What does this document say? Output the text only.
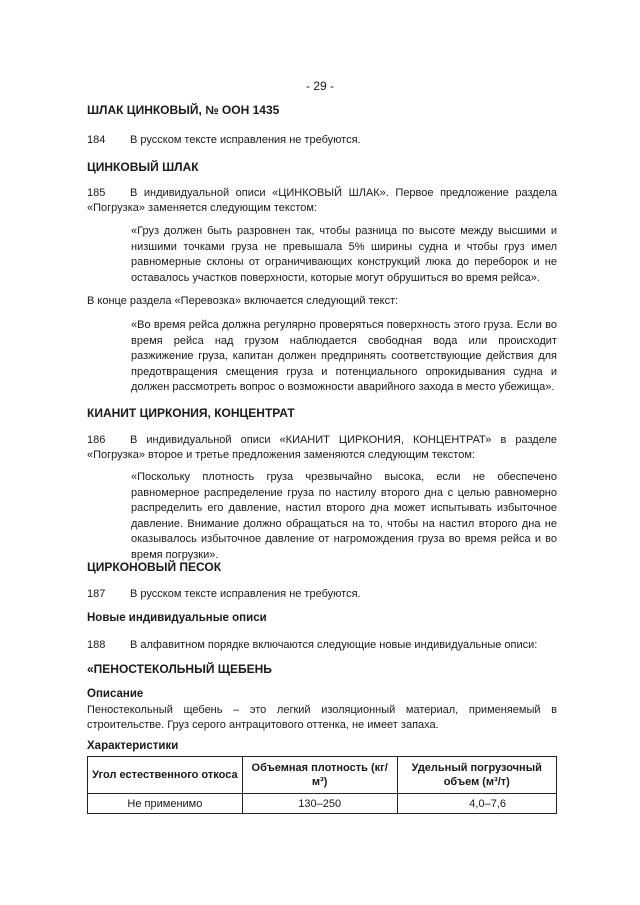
- 29 -
ШЛАК ЦИНКОВЫЙ, № ООН 1435
184 В русском тексте исправления не требуются.
ЦИНКОВЫЙ ШЛАК
185 В индивидуальной описи «ЦИНКОВЫЙ ШЛАК». Первое предложение раздела «Погрузка» заменяется следующим текстом:
«Груз должен быть разровнен так, чтобы разница по высоте между высшими и низшими точками груза не превышала 5% ширины судна и чтобы груз имел равномерные склоны от ограничивающих конструкций люка до переборок и не оставалось участков поверхности, которые могут обрушиться во время рейса».
В конце раздела «Перевозка» включается следующий текст:
«Во время рейса должна регулярно проверяться поверхность этого груза. Если во время рейса над грузом наблюдается свободная вода или происходит разжижение груза, капитан должен предпринять соответствующие действия для предотвращения смещения груза и потенциального опрокидывания судна и должен рассмотреть вопрос о возможности аварийного захода в место убежища».
КИАНИТ ЦИРКОНИЯ, КОНЦЕНТРАТ
186 В индивидуальной описи «КИАНИТ ЦИРКОНИЯ, КОНЦЕНТРАТ» в разделе «Погрузка» второе и третье предложения заменяются следующим текстом:
«Поскольку плотность груза чрезвычайно высока, если не обеспечено равномерное распределение груза по настилу второго дна с целью равномерно распределить его давление, настил второго дна может испытывать избыточное давление. Внимание должно обращаться на то, чтобы на настил второго дна не оказывалось избыточное давление от нагромождения груза во время рейса и во время погрузки».
ЦИРКОНОВЫЙ ПЕСОК
187 В русском тексте исправления не требуются.
Новые индивидуальные описи
188 В алфавитном порядке включаются следующие новые индивидуальные описи:
«ПЕНОСТЕКОЛЬНЫЙ ЩЕБЕНЬ
Описание
Пеностекольный щебень – это легкий изоляционный материал, применяемый в строительстве. Груз серого антрацитового оттенка, не имеет запаха.
Характеристики
Угол естественного откоса	Объемная плотность (кг/м³)	Удельный погрузочный объем (м³/т)
Не применимо	130–250	4,0–7,6
